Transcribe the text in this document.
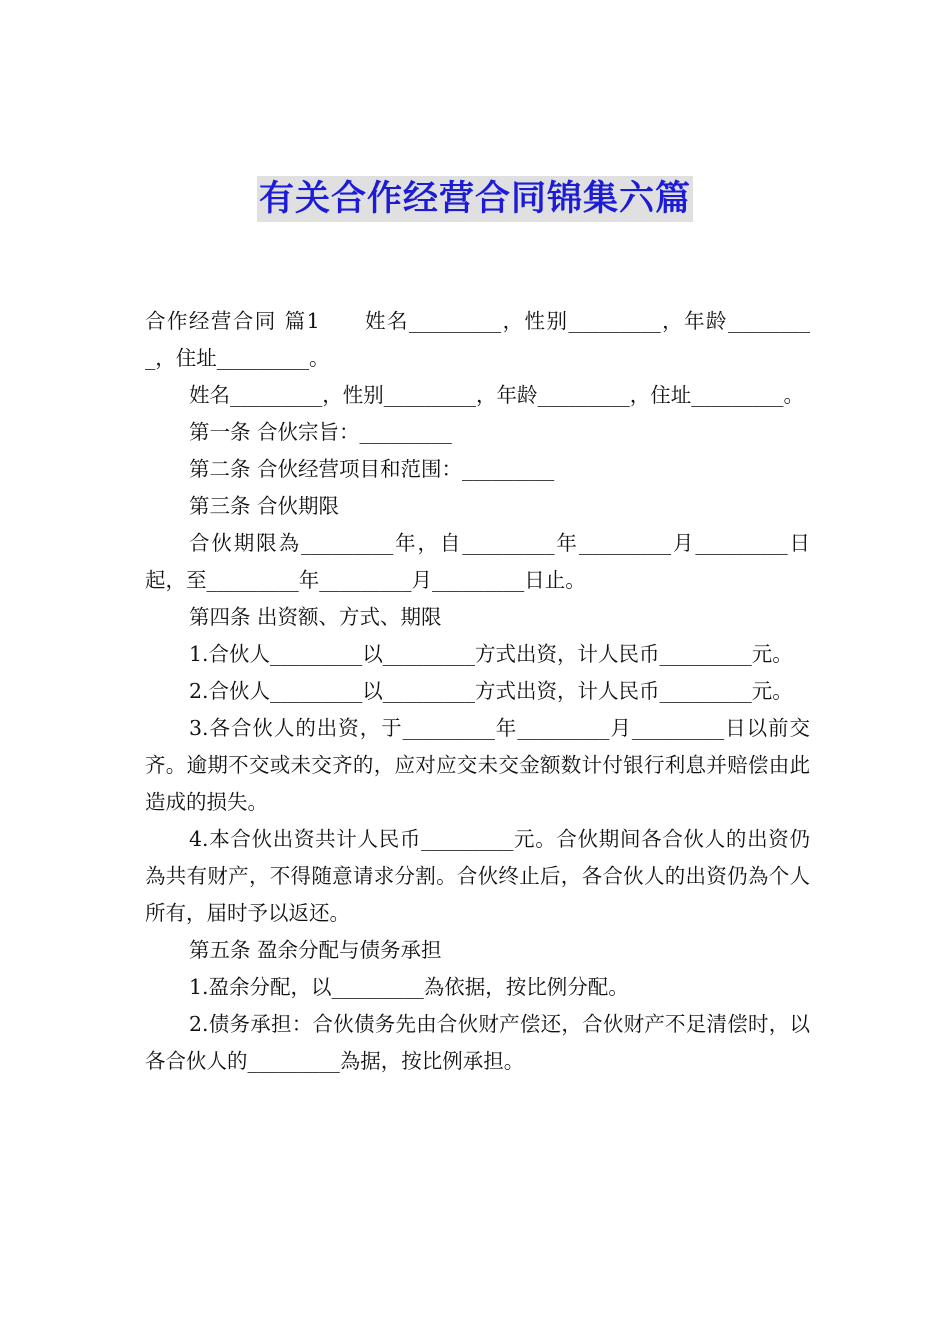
有关合作经营合同锦集六篇

合作经营合同 篇1　　姓名_________，性别_________，年龄_________，住址_________。

姓名_________，性别_________，年龄_________，住址_________。

第一条 合伙宗旨：_________

第二条 合伙经营项目和范围：_________

第三条 合伙期限

合伙期限為_________年，自_________年_________月_________日起，至_________年_________月_________日止。

第四条 出资额、方式、期限

1.合伙人_________以_________方式出资，计人民币_________元。

2.合伙人_________以_________方式出资，计人民币_________元。

3.各合伙人的出资，于_________年_________月_________日以前交齐。逾期不交或未交齐的，应对应交未交金额数计付银行利息并赔偿由此造成的损失。

4.本合伙出资共计人民币_________元。合伙期间各合伙人的出资仍為共有财产，不得随意请求分割。合伙终止后，各合伙人的出资仍為个人所有，届时予以返还。

第五条 盈余分配与债务承担

1.盈余分配，以_________為依据，按比例分配。

2.债务承担：合伙债务先由合伙财产偿还，合伙财产不足清偿时，以各合伙人的_________為据，按比例承担。
